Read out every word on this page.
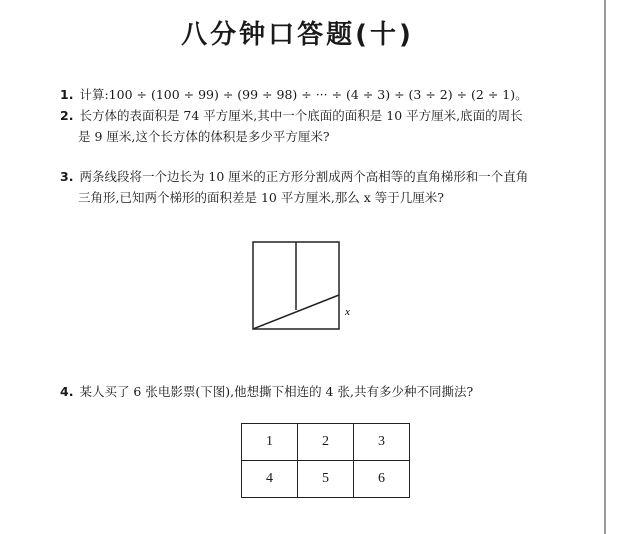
八分钟口答题(十)
1. 计算:100 ÷ (100 ÷ 99) ÷ (99 ÷ 98) ÷ ··· ÷ (4 ÷ 3) ÷ (3 ÷ 2) ÷ (2 ÷ 1)。
2. 长方体的表面积是 74 平方厘米,其中一个底面的面积是 10 平方厘米,底面的周长
是 9 厘米,这个长方体的体积是多少平方厘米?
3. 两条线段将一个边长为 10 厘米的正方形分割成两个高相等的直角梯形和一个直角
三角形,已知两个梯形的面积差是 10 平方厘米,那么 x 等于几厘米?
x
4. 某人买了 6 张电影票(下图),他想撕下相连的 4 张,共有多少种不同撕法?
1	2	3
4	5	6
